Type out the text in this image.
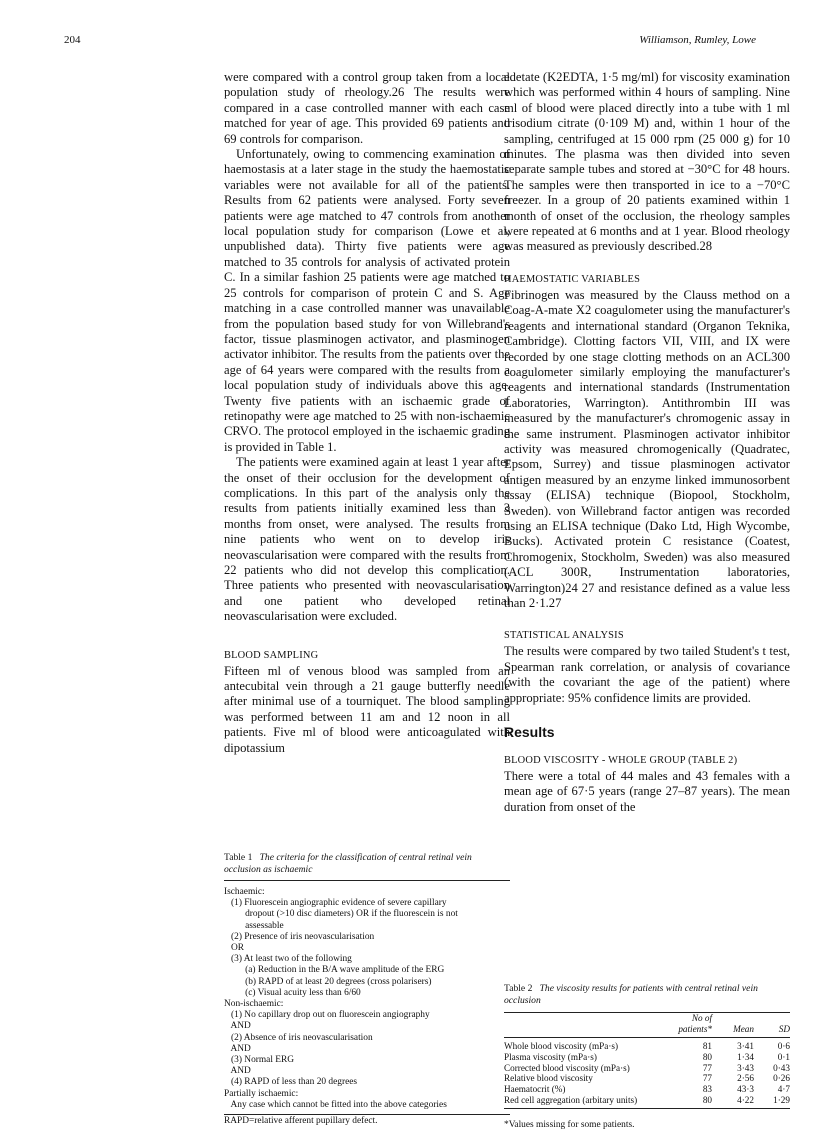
204	Williamson, Rumley, Lowe

were compared with a control group taken from a local population study of rheology.26 The results were compared in a case controlled manner with each case matched for year of age. This provided 69 patients and 69 controls for comparison.

Unfortunately, owing to commencing examination of haemostasis at a later stage in the study the haemostatic variables were not available for all of the patients. Results from 62 patients were analysed. Forty seven patients were age matched to 47 controls from another local population study for comparison (Lowe et al, unpublished data). Thirty five patients were age matched to 35 controls for analysis of activated protein C. In a similar fashion 25 patients were age matched to 25 controls for comparison of protein C and S. Age matching in a case controlled manner was unavailable from the population based study for von Willebrand's factor, tissue plasminogen activator, and plasminogen activator inhibitor. The results from the patients over the age of 64 years were compared with the results from a local population study of individuals above this age. Twenty five patients with an ischaemic grade of retinopathy were age matched to 25 with non-ischaemic CRVO. The protocol employed in the ischaemic grading is provided in Table 1.

The patients were examined again at least 1 year after the onset of their occlusion for the development of complications. In this part of the analysis only the results from patients initially examined less than 3 months from onset, were analysed. The results from nine patients who went on to develop iris neovascularisation were compared with the results from 22 patients who did not develop this complication. Three patients who presented with neovascularisation and one patient who developed retinal neovascularisation were excluded.

BLOOD SAMPLING

Fifteen ml of venous blood was sampled from an antecubital vein through a 21 gauge butterfly needle after minimal use of a tourniquet. The blood sampling was performed between 11 am and 12 noon in all patients. Five ml of blood were anticoagulated with dipotassium

edetate (K2EDTA, 1·5 mg/ml) for viscosity examination which was performed within 4 hours of sampling. Nine ml of blood were placed directly into a tube with 1 ml trisodium citrate (0·109 M) and, within 1 hour of the sampling, centrifuged at 15 000 rpm (25 000 g) for 10 minutes. The plasma was then divided into seven separate sample tubes and stored at −30°C for 48 hours. The samples were then transported in ice to a −70°C freezer. In a group of 20 patients examined within 1 month of onset of the occlusion, the rheology samples were repeated at 6 months and at 1 year. Blood rheology was measured as previously described.28

HAEMOSTATIC VARIABLES

Fibrinogen was measured by the Clauss method on a Coag-A-mate X2 coagulometer using the manufacturer's reagents and international standard (Organon Teknika, Cambridge). Clotting factors VII, VIII, and IX were recorded by one stage clotting methods on an ACL300 coagulometer similarly employing the manufacturer's reagents and international standards (Instrumentation Laboratories, Warrington). Antithrombin III was measured by the manufacturer's chromogenic assay in the same instrument. Plasminogen activator inhibitor activity was measured chromogenically (Quadratec, Epsom, Surrey) and tissue plasminogen activator antigen measured by an enzyme linked immunosorbent assay (ELISA) technique (Biopool, Stockholm, Sweden). von Willebrand factor antigen was recorded using an ELISA technique (Dako Ltd, High Wycombe, Bucks). Activated protein C resistance (Coatest, Chromogenix, Stockholm, Sweden) was also measured (ACL 300R, Instrumentation laboratories, Warrington)24 27 and resistance defined as a value less than 2·1.27

STATISTICAL ANALYSIS

The results were compared by two tailed Student's t test, Spearman rank correlation, or analysis of covariance (with the covariant the age of the patient) where appropriate: 95% confidence limits are provided.

Results
BLOOD VISCOSITY - WHOLE GROUP (TABLE 2)

There were a total of 44 males and 43 females with a mean age of 67·5 years (range 27–87 years). The mean duration from onset of the

Table 1 The criteria for the classification of central retinal vein occlusion as ischaemic
Ischaemic:
(1) Fluorescein angiographic evidence of severe capillary
dropout (>10 disc diameters) OR if the fluorescein is not
assessable
(2) Presence of iris neovascularisation
OR
(3) At least two of the following
(a) Reduction in the B/A wave amplitude of the ERG
(b) RAPD of at least 20 degrees (cross polarisers)
(c) Visual acuity less than 6/60
Non-ischaemic:
(1) No capillary drop out on fluorescein angiography
AND
(2) Absence of iris neovascularisation
AND
(3) Normal ERG
AND
(4) RAPD of less than 20 degrees
Partially ischaemic:
Any case which cannot be fitted into the above categories
RAPD=relative afferent pupillary defect.
Table 2 The viscosity results for patients with central retinal vein occlusion
	No of patients*	Mean	SD
Whole blood viscosity (mPa·s)	81	3·41	0·6
Plasma viscosity (mPa·s)	80	1·34	0·1
Corrected blood viscosity (mPa·s)	77	3·43	0·43
Relative blood viscosity	77	2·56	0·26
Haematocrit (%)	83	43·3	4·7
Red cell aggregation (arbitary units)	80	4·22	1·29
*Values missing for some patients.
